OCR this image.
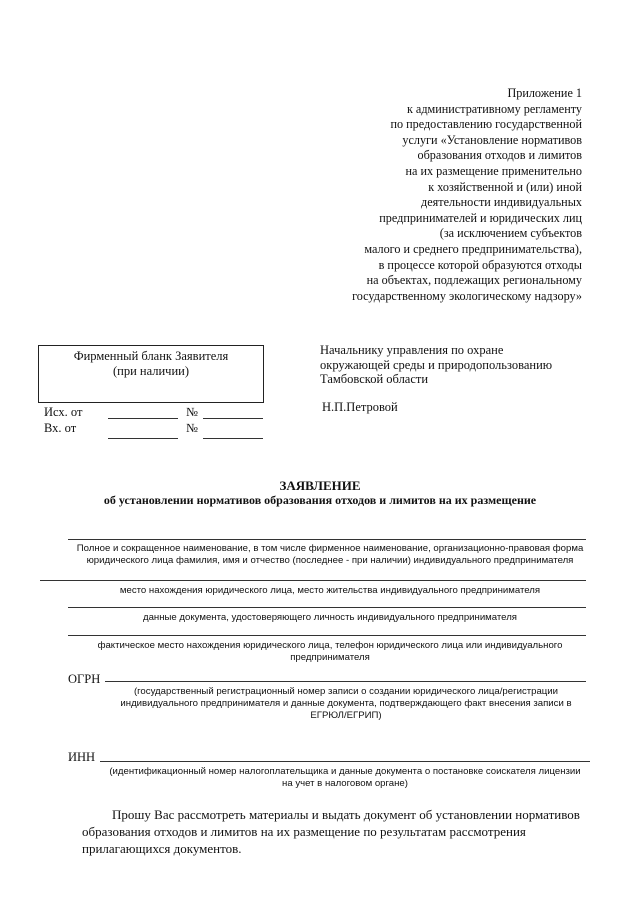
Приложение 1
к административному регламенту
по предоставлению государственной
услуги «Установление нормативов
образования отходов и лимитов
на их размещение применительно
к хозяйственной и (или) иной
деятельности индивидуальных
предпринимателей и юридических лиц
(за исключением субъектов
малого и среднего предпринимательства),
в процессе которой образуются отходы
на объектах, подлежащих региональному
государственному экологическому надзору»
Фирменный бланк Заявителя
(при наличии)
Исх. от	№
Вх. от	№
Начальнику управления по охране
окружающей среды и природопользованию
Тамбовской области
Н.П.Петровой
ЗАЯВЛЕНИЕ
об установлении нормативов образования отходов и лимитов на их размещение
Полное и сокращенное наименование, в том числе фирменное наименование, организационно-правовая форма
юридического лица фамилия, имя и отчество (последнее - при наличии) индивидуального предпринимателя
место нахождения юридического лица, место жительства индивидуального предпринимателя
данные документа, удостоверяющего личность индивидуального предпринимателя
фактическое место нахождения юридического лица, телефон юридического лица или индивидуального
предпринимателя
ОГРН
(государственный регистрационный номер записи о создании юридического лица/регистрации
индивидуального предпринимателя и данные документа, подтверждающего факт внесения записи в
ЕГРЮЛ/ЕГРИП)
ИНН
(идентификационный номер налогоплательщика и данные документа о постановке соискателя лицензии
на учет в налоговом органе)
Прошу Вас рассмотреть материалы и выдать документ об установлении нормативов
образования отходов и лимитов на их размещение по результатам рассмотрения
прилагающихся документов.
